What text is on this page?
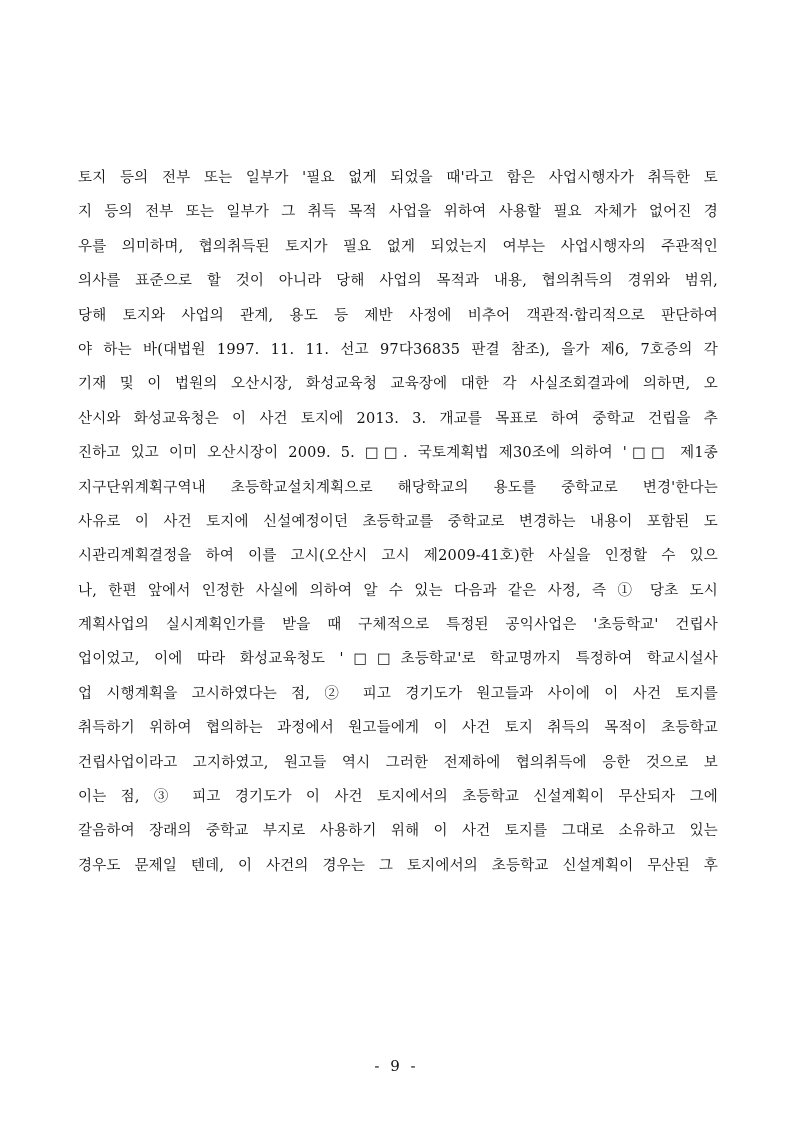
토지 등의 전부 또는 일부가 '필요 없게 되었을 때'라고 함은 사업시행자가 취득한 토
지 등의 전부 또는 일부가 그 취득 목적 사업을 위하여 사용할 필요 자체가 없어진 경
우를 의미하며, 협의취득된 토지가 필요 없게 되었는지 여부는 사업시행자의 주관적인
의사를 표준으로 할 것이 아니라 당해 사업의 목적과 내용, 협의취득의 경위와 범위,
당해 토지와 사업의 관계, 용도 등 제반 사정에 비추어 객관적·합리적으로 판단하여
야 하는 바(대법원 1997. 11. 11. 선고 97다36835 판결 참조), 을가 제6, 7호증의 각
기재 및 이 법원의 오산시장, 화성교육청 교육장에 대한 각 사실조회결과에 의하면, 오
산시와 화성교육청은 이 사건 토지에 2013. 3. 개교를 목표로 하여 중학교 건립을 추
진하고 있고 이미 오산시장이 2009. 5. □□. 국토계획법 제30조에 의하여 '□□ 제1종
지구단위계획구역내 초등학교설치계획으로 해당학교의 용도를 중학교로 변경'한다는
사유로 이 사건 토지에 신설예정이던 초등학교를 중학교로 변경하는 내용이 포함된 도
시관리계획결정을 하여 이를 고시(오산시 고시 제2009-41호)한 사실을 인정할 수 있으
나, 한편 앞에서 인정한 사실에 의하여 알 수 있는 다음과 같은 사정, 즉 ① 당초 도시
계획사업의 실시계획인가를 받을 때 구체적으로 특정된 공익사업은 '초등학교' 건립사
업이었고, 이에 따라 화성교육청도 '□□초등학교'로 학교명까지 특정하여 학교시설사
업 시행계획을 고시하였다는 점, ② 피고 경기도가 원고들과 사이에 이 사건 토지를
취득하기 위하여 협의하는 과정에서 원고들에게 이 사건 토지 취득의 목적이 초등학교
건립사업이라고 고지하였고, 원고들 역시 그러한 전제하에 협의취득에 응한 것으로 보
이는 점, ③ 피고 경기도가 이 사건 토지에서의 초등학교 신설계획이 무산되자 그에
갈음하여 장래의 중학교 부지로 사용하기 위해 이 사건 토지를 그대로 소유하고 있는
경우도 문제일 텐데, 이 사건의 경우는 그 토지에서의 초등학교 신설계획이 무산된 후
- 9 -
